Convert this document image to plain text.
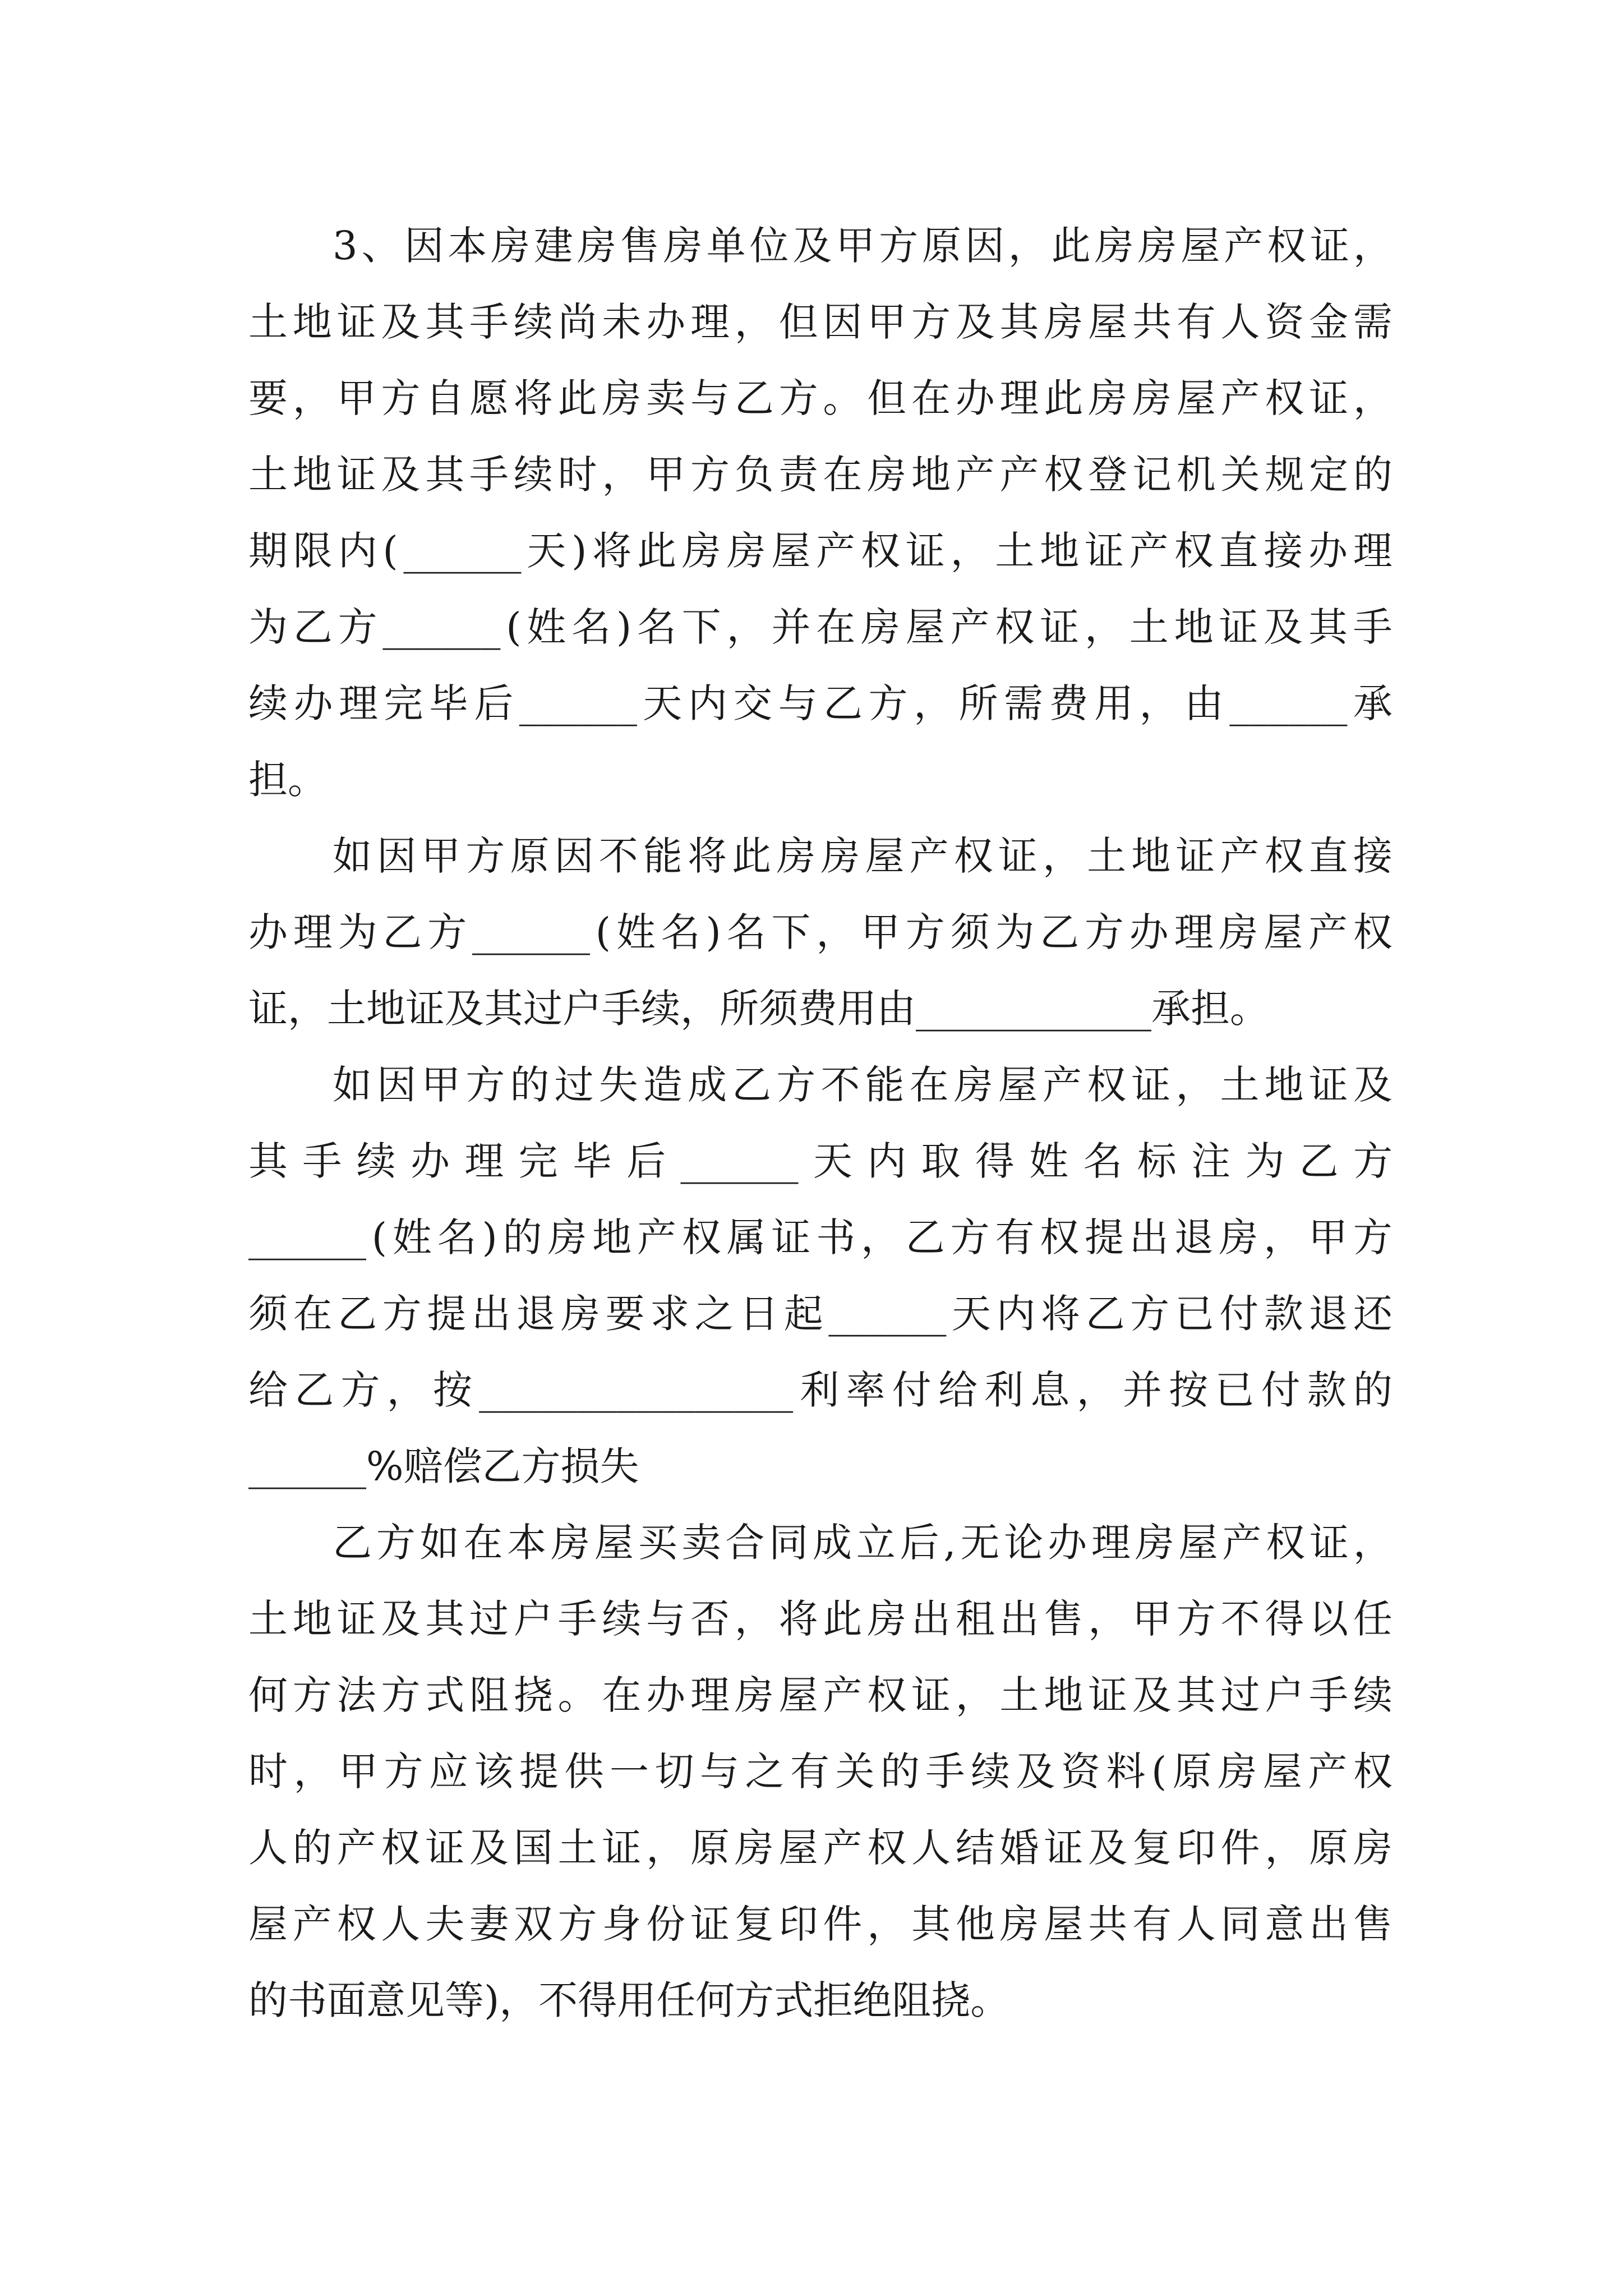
3 、 因 本 房 建 房 售 房 单 位 及 甲 方 原 因 ， 此 房 房 屋 产 权 证 ，
土 地 证 及 其 手 续 尚 未 办 理 ， 但 因 甲 方 及 其 房 屋 共 有 人 资 金 需
要 ， 甲 方 自 愿 将 此 房 卖 与 乙 方 。 但 在 办 理 此 房 房 屋 产 权 证 ，
土 地 证 及 其 手 续 时 ， 甲 方 负 责 在 房 地 产 产 权 登 记 机 关 规 定 的
期 限 内 ( ______ 天 ) 将 此 房 房 屋 产 权 证 ， 土 地 证 产 权 直 接 办 理
为 乙 方 ______ ( 姓 名 ) 名 下 ， 并 在 房 屋 产 权 证 ， 土 地 证 及 其 手
续 办 理 完 毕 后 ______ 天 内 交 与 乙 方 ， 所 需 费 用 ， 由 ______ 承
担。
如 因 甲 方 原 因 不 能 将 此 房 房 屋 产 权 证 ， 土 地 证 产 权 直 接
办 理 为 乙 方 ______ ( 姓 名 ) 名 下 ， 甲 方 须 为 乙 方 办 理 房 屋 产 权
证，土地证及其过户手续，所须费用由____________承担。
如 因 甲 方 的 过 失 造 成 乙 方 不 能 在 房 屋 产 权 证 ， 土 地 证 及
其 手 续 办 理 完 毕 后 ______ 天 内 取 得 姓 名 标 注 为 乙 方
______ ( 姓 名 ) 的 房 地 产 权 属 证 书 ， 乙 方 有 权 提 出 退 房 ， 甲 方
须 在 乙 方 提 出 退 房 要 求 之 日 起 ______ 天 内 将 乙 方 已 付 款 退 还
给 乙 方 ， 按 ________________ 利 率 付 给 利 息 ， 并 按 已 付 款 的
______%赔偿乙方损失
乙 方 如 在 本 房 屋 买 卖 合 同 成 立 后 , 无 论 办 理 房 屋 产 权 证 ，
土 地 证 及 其 过 户 手 续 与 否 ， 将 此 房 出 租 出 售 ， 甲 方 不 得 以 任
何 方 法 方 式 阻 挠 。 在 办 理 房 屋 产 权 证 ， 土 地 证 及 其 过 户 手 续
时 ， 甲 方 应 该 提 供 一 切 与 之 有 关 的 手 续 及 资 料 ( 原 房 屋 产 权
人 的 产 权 证 及 国 土 证 ， 原 房 屋 产 权 人 结 婚 证 及 复 印 件 ， 原 房
屋 产 权 人 夫 妻 双 方 身 份 证 复 印 件 ， 其 他 房 屋 共 有 人 同 意 出 售
的书面意见等)，不得用任何方式拒绝阻挠。
